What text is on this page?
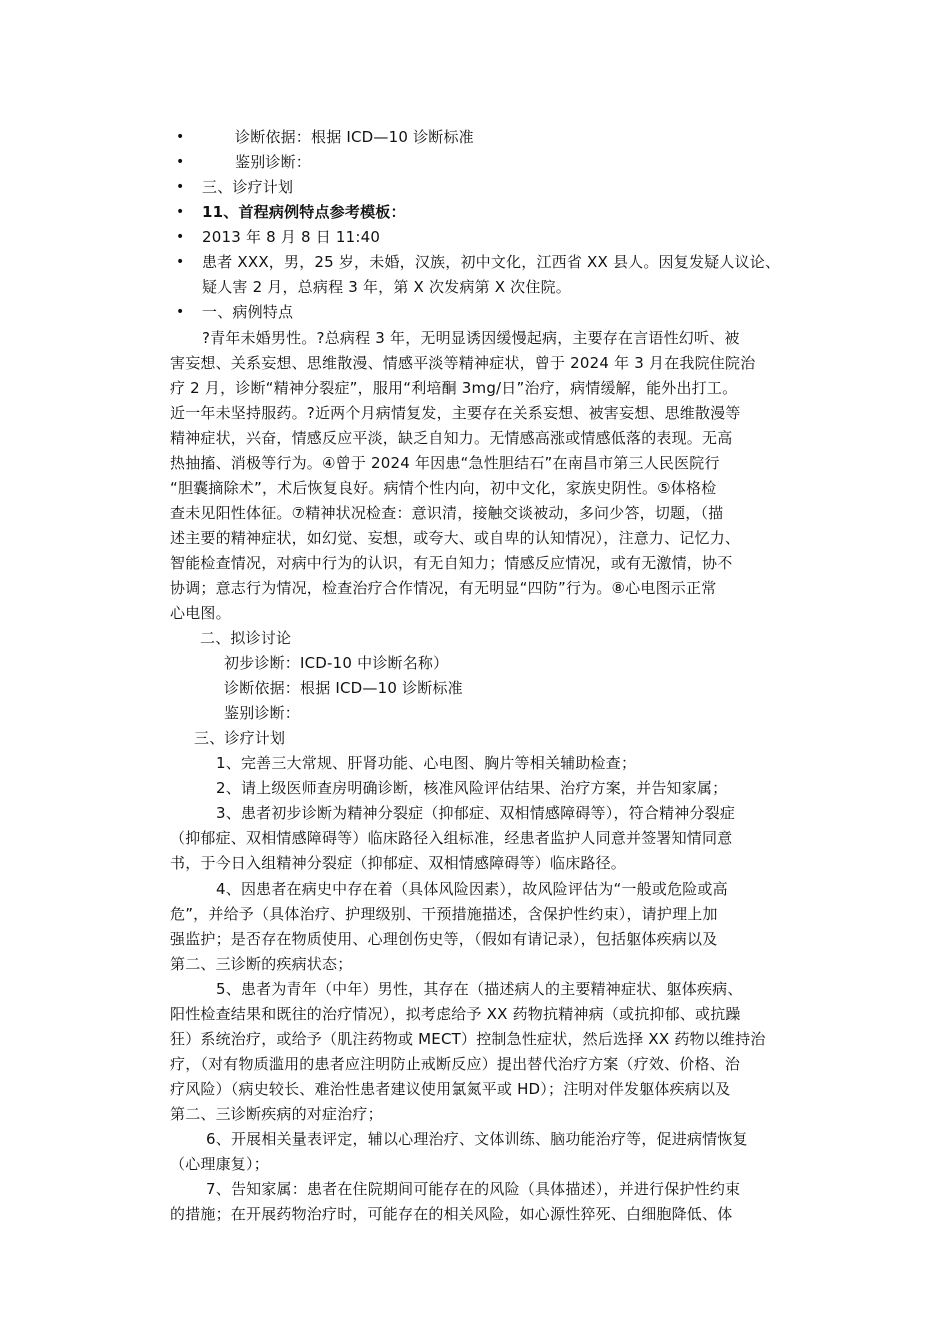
•	诊断依据：根据 ICD—10 诊断标准
•	鉴别诊断：
•	三、诊疗计划
•	11、首程病例特点参考模板：
•	2013 年 8 月 8 日 11:40
•	患者 XXX，男，25 岁，未婚，汉族，初中文化，江西省 XX 县人。因复发疑人议论、
疑人害 2 月，总病程 3 年，第 X 次发病第 X 次住院。
•	一、病例特点
?青年未婚男性。?总病程 3 年，无明显诱因缓慢起病，主要存在言语性幻听、被
害妄想、关系妄想、思维散漫、情感平淡等精神症状，曾于 2024 年 3 月在我院住院治
疗 2 月，诊断“精神分裂症”，服用“利培酮 3mg/日”治疗，病情缓解，能外出打工。
近一年未坚持服药。?近两个月病情复发，主要存在关系妄想、被害妄想、思维散漫等
精神症状，兴奋，情感反应平淡，缺乏自知力。无情感高涨或情感低落的表现。无高
热抽搐、消极等行为。④曾于 2024 年因患“急性胆结石”在南昌市第三人民医院行
“胆囊摘除术”，术后恢复良好。病情个性内向，初中文化，家族史阴性。⑤体格检
查未见阳性体征。⑦精神状况检查：意识清，接触交谈被动，多问少答，切题，（描
述主要的精神症状，如幻觉、妄想，或夸大、或自卑的认知情况），注意力、记忆力、
智能检查情况，对病中行为的认识，有无自知力；情感反应情况，或有无激情，协不
协调；意志行为情况，检查治疗合作情况，有无明显“四防”行为。⑧心电图示正常
心电图。
二、拟诊讨论
初步诊断：ICD-10 中诊断名称）
诊断依据：根据 ICD—10 诊断标准
鉴别诊断：
三、诊疗计划
1、完善三大常规、肝肾功能、心电图、胸片等相关辅助检查；
2、请上级医师查房明确诊断，核准风险评估结果、治疗方案，并告知家属；
3、患者初步诊断为精神分裂症（抑郁症、双相情感障碍等），符合精神分裂症
（抑郁症、双相情感障碍等）临床路径入组标准，经患者监护人同意并签署知情同意
书，于今日入组精神分裂症（抑郁症、双相情感障碍等）临床路径。
4、因患者在病史中存在着（具体风险因素），故风险评估为“一般或危险或高
危”，并给予（具体治疗、护理级别、干预措施描述，含保护性约束），请护理上加
强监护；是否存在物质使用、心理创伤史等，（假如有请记录），包括躯体疾病以及
第二、三诊断的疾病状态；
5、患者为青年（中年）男性，其存在（描述病人的主要精神症状、躯体疾病、
阳性检查结果和既往的治疗情况），拟考虑给予 XX 药物抗精神病（或抗抑郁、或抗躁
狂）系统治疗，或给予（肌注药物或 MECT）控制急性症状，然后选择 XX 药物以维持治
疗，（对有物质滥用的患者应注明防止戒断反应）提出替代治疗方案（疗效、价格、治
疗风险）（病史较长、难治性患者建议使用氯氮平或 HD）；注明对伴发躯体疾病以及
第二、三诊断疾病的对症治疗；
6、开展相关量表评定，辅以心理治疗、文体训练、脑功能治疗等，促进病情恢复
（心理康复）；
7、告知家属：患者在住院期间可能存在的风险（具体描述），并进行保护性约束
的措施；在开展药物治疗时，可能存在的相关风险，如心源性猝死、白细胞降低、体
